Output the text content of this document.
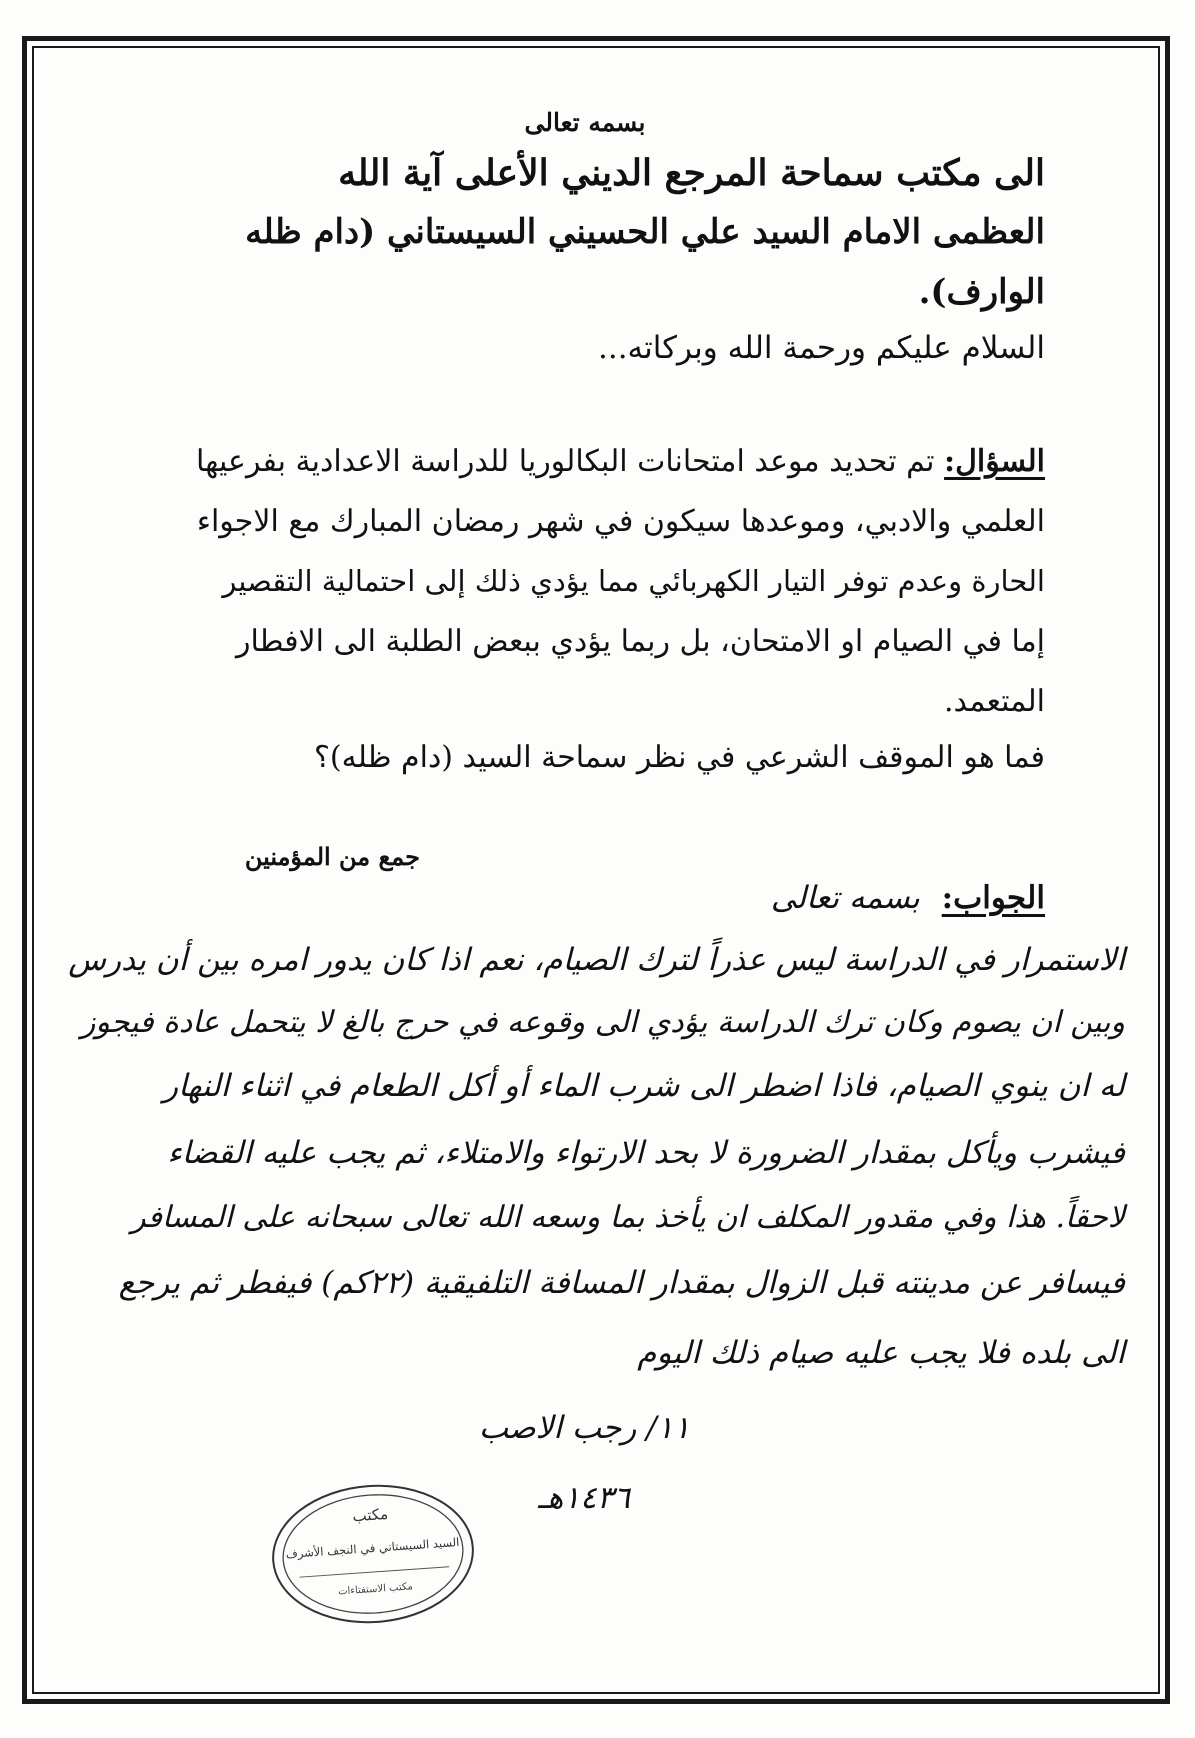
بسمه تعالى
الى مكتب سماحة المرجع الديني الأعلى آية الله
العظمى الامام السيد علي الحسيني السيستاني (دام ظله
الوارف).
السلام عليكم ورحمة الله وبركاته...
السؤال: تم تحديد موعد امتحانات البكالوريا للدراسة الاعدادية بفرعيها
العلمي والادبي، وموعدها سيكون في شهر رمضان المبارك مع الاجواء
الحارة وعدم توفر التيار الكهربائي مما يؤدي ذلك إلى احتمالية التقصير
إما في الصيام او الامتحان، بل ربما يؤدي ببعض الطلبة الى الافطار
المتعمد.
فما هو الموقف الشرعي في نظر سماحة السيد (دام ظله)؟
جمع من المؤمنين
الجواب: بسمه تعالى
الاستمرار في الدراسة ليس عذراً لترك الصيام، نعم اذا كان يدور امره بين أن يدرس
وبين ان يصوم وكان ترك الدراسة يؤدي الى وقوعه في حرج بالغ لا يتحمل عادة فيجوز
له ان ينوي الصيام، فاذا اضطر الى شرب الماء أو أكل الطعام في اثناء النهار
فيشرب ويأكل بمقدار الضرورة لا بحد الارتواء والامتلاء، ثم يجب عليه القضاء
لاحقاً. هذا وفي مقدور المكلف ان يأخذ بما وسعه الله تعالى سبحانه على المسافر
فيسافر عن مدينته قبل الزوال بمقدار المسافة التلفيقية (٢٢كم) فيفطر ثم يرجع
الى بلده فلا يجب عليه صيام ذلك اليوم
١١/ رجب الاصب
١٤٣٦هـ
مكتب
السيد السيستاني في النجف الأشرف
مكتب الاستفتاءات
